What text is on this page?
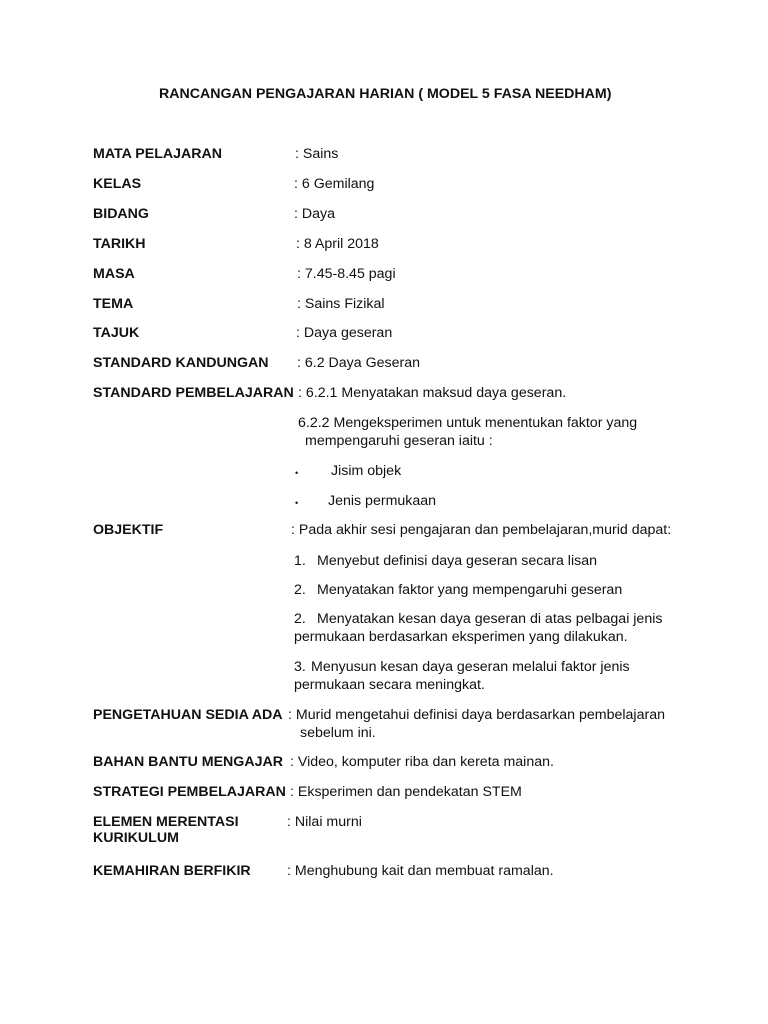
RANCANGAN PENGAJARAN HARIAN ( MODEL 5 FASA NEEDHAM)
MATA PELAJARAN	: Sains
KELAS	: 6 Gemilang
BIDANG	: Daya
TARIKH	: 8 April 2018
MASA	: 7.45-8.45 pagi
TEMA	: Sains Fizikal
TAJUK	: Daya geseran
STANDARD KANDUNGAN : 6.2 Daya Geseran
STANDARD PEMBELAJARAN : 6.2.1 Menyatakan maksud daya geseran.
6.2.2 Mengeksperimen untuk menentukan faktor yang
mempengaruhi geseran iaitu :
• Jisim objek
• Jenis permukaan
OBJEKTIF	: Pada akhir sesi pengajaran dan pembelajaran,murid dapat:
1. Menyebut definisi daya geseran secara lisan
2. Menyatakan faktor yang mempengaruhi geseran
2. Menyatakan kesan daya geseran di atas pelbagai jenis
permukaan berdasarkan eksperimen yang dilakukan.
3. Menyusun kesan daya geseran melalui faktor jenis
permukaan secara meningkat.
PENGETAHUAN SEDIA ADA : Murid mengetahui definisi daya berdasarkan pembelajaran
sebelum ini.
BAHAN BANTU MENGAJAR : Video, komputer riba dan kereta mainan.
STRATEGI PEMBELAJARAN : Eksperimen dan pendekatan STEM
ELEMEN MERENTASI
KURIKULUM
: Nilai murni
KEMAHIRAN BERFIKIR	: Menghubung kait dan membuat ramalan.
